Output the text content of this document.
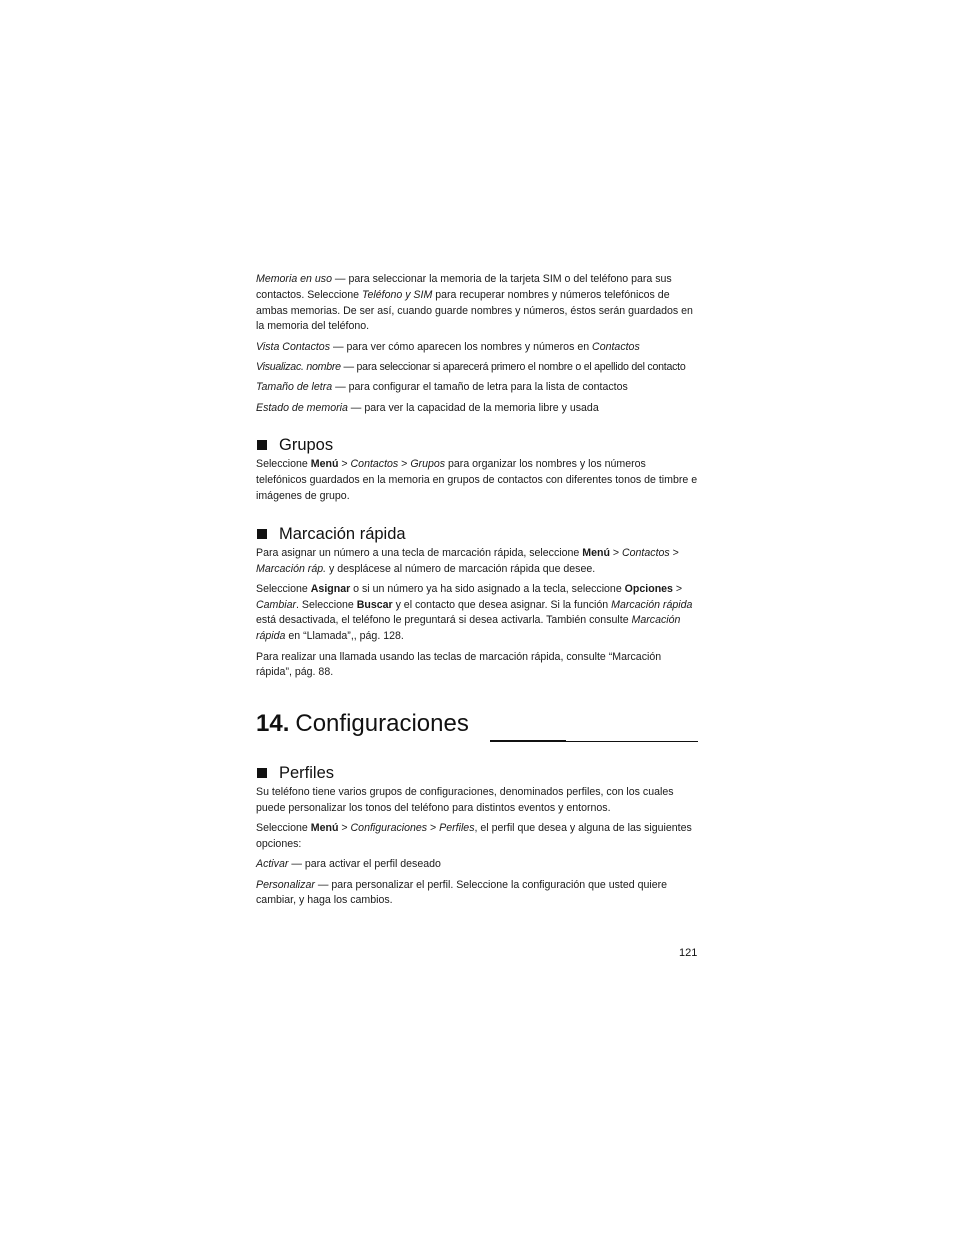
Memoria en uso — para seleccionar la memoria de la tarjeta SIM o del teléfono para sus contactos. Seleccione Teléfono y SIM para recuperar nombres y números telefónicos de ambas memorias. De ser así, cuando guarde nombres y números, éstos serán guardados en la memoria del teléfono.

Vista Contactos — para ver cómo aparecen los nombres y números en Contactos

Visualizac. nombre — para seleccionar si aparecerá primero el nombre o el apellido del contacto

Tamaño de letra — para configurar el tamaño de letra para la lista de contactos

Estado de memoria — para ver la capacidad de la memoria libre y usada

Grupos

Seleccione Menú > Contactos > Grupos para organizar los nombres y los números telefónicos guardados en la memoria en grupos de contactos con diferentes tonos de timbre e imágenes de grupo.

Marcación rápida

Para asignar un número a una tecla de marcación rápida, seleccione Menú > Contactos > Marcación ráp. y desplácese al número de marcación rápida que desee.

Seleccione Asignar o si un número ya ha sido asignado a la tecla, seleccione Opciones > Cambiar. Seleccione Buscar y el contacto que desea asignar. Si la función Marcación rápida está desactivada, el teléfono le preguntará si desea activarla. También consulte Marcación rápida en “Llamada”,, pág. 128.

Para realizar una llamada usando las teclas de marcación rápida, consulte “Marcación rápida”, pág. 88.

14. Configuraciones
Perfiles

Su teléfono tiene varios grupos de configuraciones, denominados perfiles, con los cuales puede personalizar los tonos del teléfono para distintos eventos y entornos.

Seleccione Menú > Configuraciones > Perfiles, el perfil que desea y alguna de las siguientes opciones:

Activar — para activar el perfil deseado

Personalizar — para personalizar el perfil. Seleccione la configuración que usted quiere cambiar, y haga los cambios.

121
